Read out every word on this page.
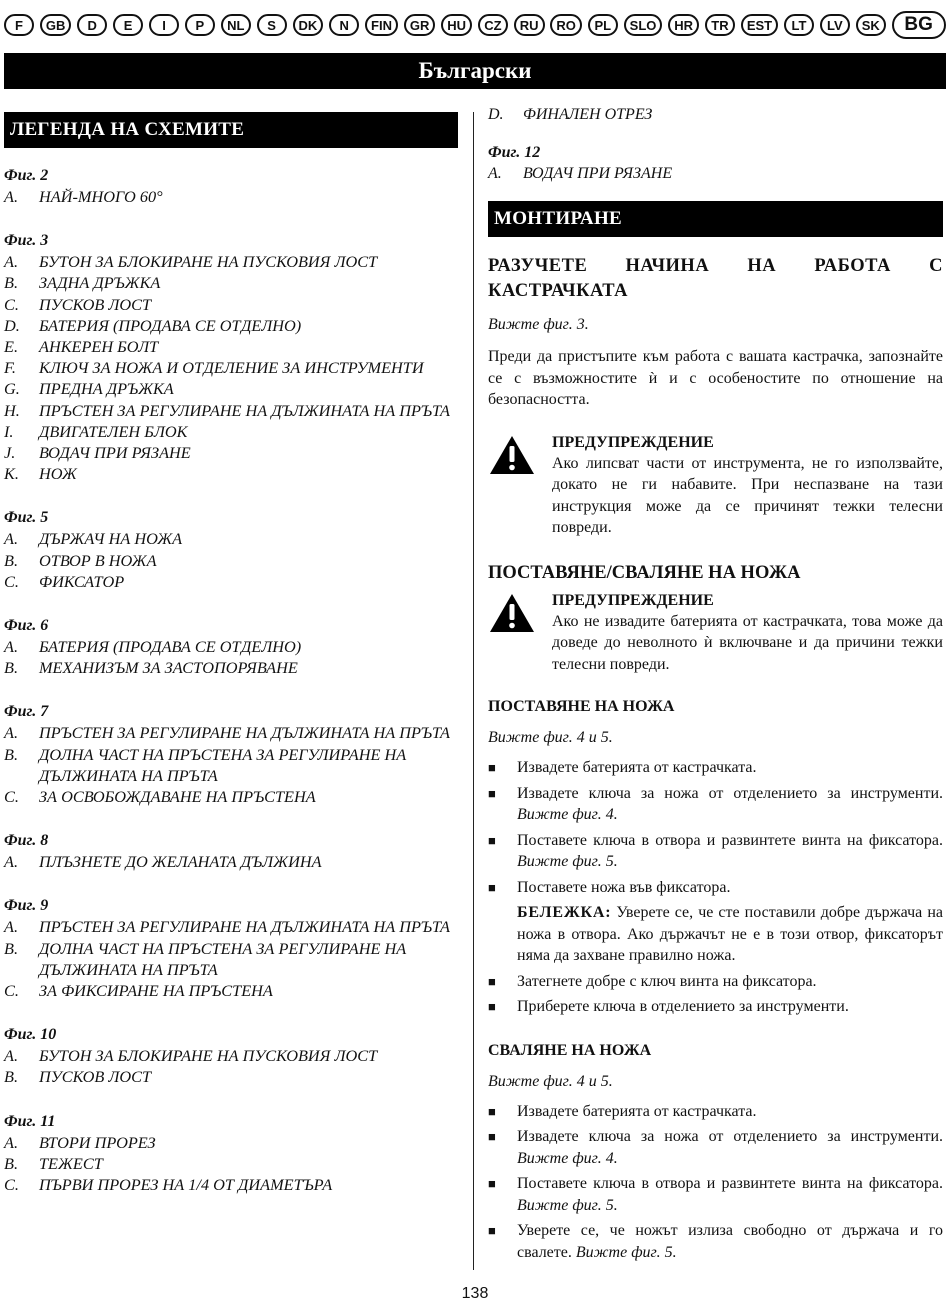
F	GB	D	E	I	P	NL	S	DK	N	FIN	GR	HU	CZ	RU	RO	PL	SLO	HR	TR	EST	LT	LV	SK	BG
Български
ЛЕГЕНДА НА СХЕМИТЕ
Фиг. 2
A.	НАЙ-МНОГО 60°
Фиг. 3
A.	БУТОН ЗА БЛОКИРАНЕ НА ПУСКОВИЯ ЛОСТ
B.	ЗАДНА ДРЪЖКА
C.	ПУСКОВ ЛОСТ
D.	БАТЕРИЯ (ПРОДАВА СЕ ОТДЕЛНО)
E.	АНКЕРЕН БОЛТ
F.	КЛЮЧ ЗА НОЖА И ОТДЕЛЕНИЕ ЗА ИНСТРУМЕНТИ
G.	ПРЕДНА ДРЪЖКА
H.	ПРЪСТЕН ЗА РЕГУЛИРАНЕ НА ДЪЛЖИНАТА НА ПРЪТА
I.	ДВИГАТЕЛЕН БЛОК
J.	ВОДАЧ ПРИ РЯЗАНЕ
K.	НОЖ
Фиг. 5
A.	ДЪРЖАЧ НА НОЖА
B.	ОТВОР В НОЖА
C.	ФИКСАТОР
Фиг. 6
A.	БАТЕРИЯ (ПРОДАВА СЕ ОТДЕЛНО)
B.	МЕХАНИЗЪМ ЗА ЗАСТОПОРЯВАНЕ
Фиг. 7
A.	ПРЪСТЕН ЗА РЕГУЛИРАНЕ НА ДЪЛЖИНАТА НА ПРЪТА
B.	ДОЛНА ЧАСТ НА ПРЪСТЕНА ЗА РЕГУЛИРАНЕ НА ДЪЛЖИНАТА НА ПРЪТА
C.	ЗА ОСВОБОЖДАВАНЕ НА ПРЪСТЕНА
Фиг. 8
A.	ПЛЪЗНЕТЕ ДО ЖЕЛАНАТА ДЪЛЖИНА
Фиг. 9
A.	ПРЪСТЕН ЗА РЕГУЛИРАНЕ НА ДЪЛЖИНАТА НА ПРЪТА
B.	ДОЛНА ЧАСТ НА ПРЪСТЕНА ЗА РЕГУЛИРАНЕ НА ДЪЛЖИНАТА НА ПРЪТА
C.	ЗА ФИКСИРАНЕ НА ПРЪСТЕНА
Фиг. 10
A.	БУТОН ЗА БЛОКИРАНЕ НА ПУСКОВИЯ ЛОСТ
B.	ПУСКОВ ЛОСТ
Фиг. 11
A.	ВТОРИ ПРОРЕЗ
B.	ТЕЖЕСТ
C.	ПЪРВИ ПРОРЕЗ НА 1/4 ОТ ДИАМЕТЪРА
D. ФИНАЛЕН ОТРЕЗ
Фиг. 12
A. ВОДАЧ ПРИ РЯЗАНЕ
МОНТИРАНЕ
РАЗУЧЕТЕ НАЧИНА НА РАБОТА С КАСТРАЧКАТА
Вижте фиг. 3.
Преди да пристъпите към работа с вашата кастрачка, запознайте се с възможностите ѝ и с особеностите по отношение на безопасността.
ПРЕДУПРЕЖДЕНИЕ
Ако липсват части от инструмента, не го използвайте, докато не ги набавите. При неспазване на тази инструкция може да се причинят тежки телесни повреди.
ПОСТАВЯНЕ/СВАЛЯНЕ НА НОЖА
ПРЕДУПРЕЖДЕНИЕ
Ако не извадите батерията от кастрачката, това може да доведе до неволното ѝ включване и да причини тежки телесни повреди.
ПОСТАВЯНЕ НА НОЖА
Вижте фиг. 4 и 5.
■	Извадете батерията от кастрачката.
■	Извадете ключа за ножа от отделението за инструменти. Вижте фиг. 4.
■	Поставете ключа в отвора и развинтете винта на фиксатора. Вижте фиг. 5.
■	Поставете ножа във фиксатора.
БЕЛЕЖКА: Уверете се, че сте поставили добре държача на ножа в отвора. Ако държачът не е в този отвор, фиксаторът няма да захване правилно ножа.
■	Затегнете добре с ключ винта на фиксатора.
■	Приберете ключа в отделението за инструменти.
СВАЛЯНЕ НА НОЖА
Вижте фиг. 4 и 5.
■	Извадете батерията от кастрачката.
■	Извадете ключа за ножа от отделението за инструменти. Вижте фиг. 4.
■	Поставете ключа в отвора и развинтете винта на фиксатора. Вижте фиг. 5.
■	Уверете се, че ножът излиза свободно от държача и го свалете. Вижте фиг. 5.
138
